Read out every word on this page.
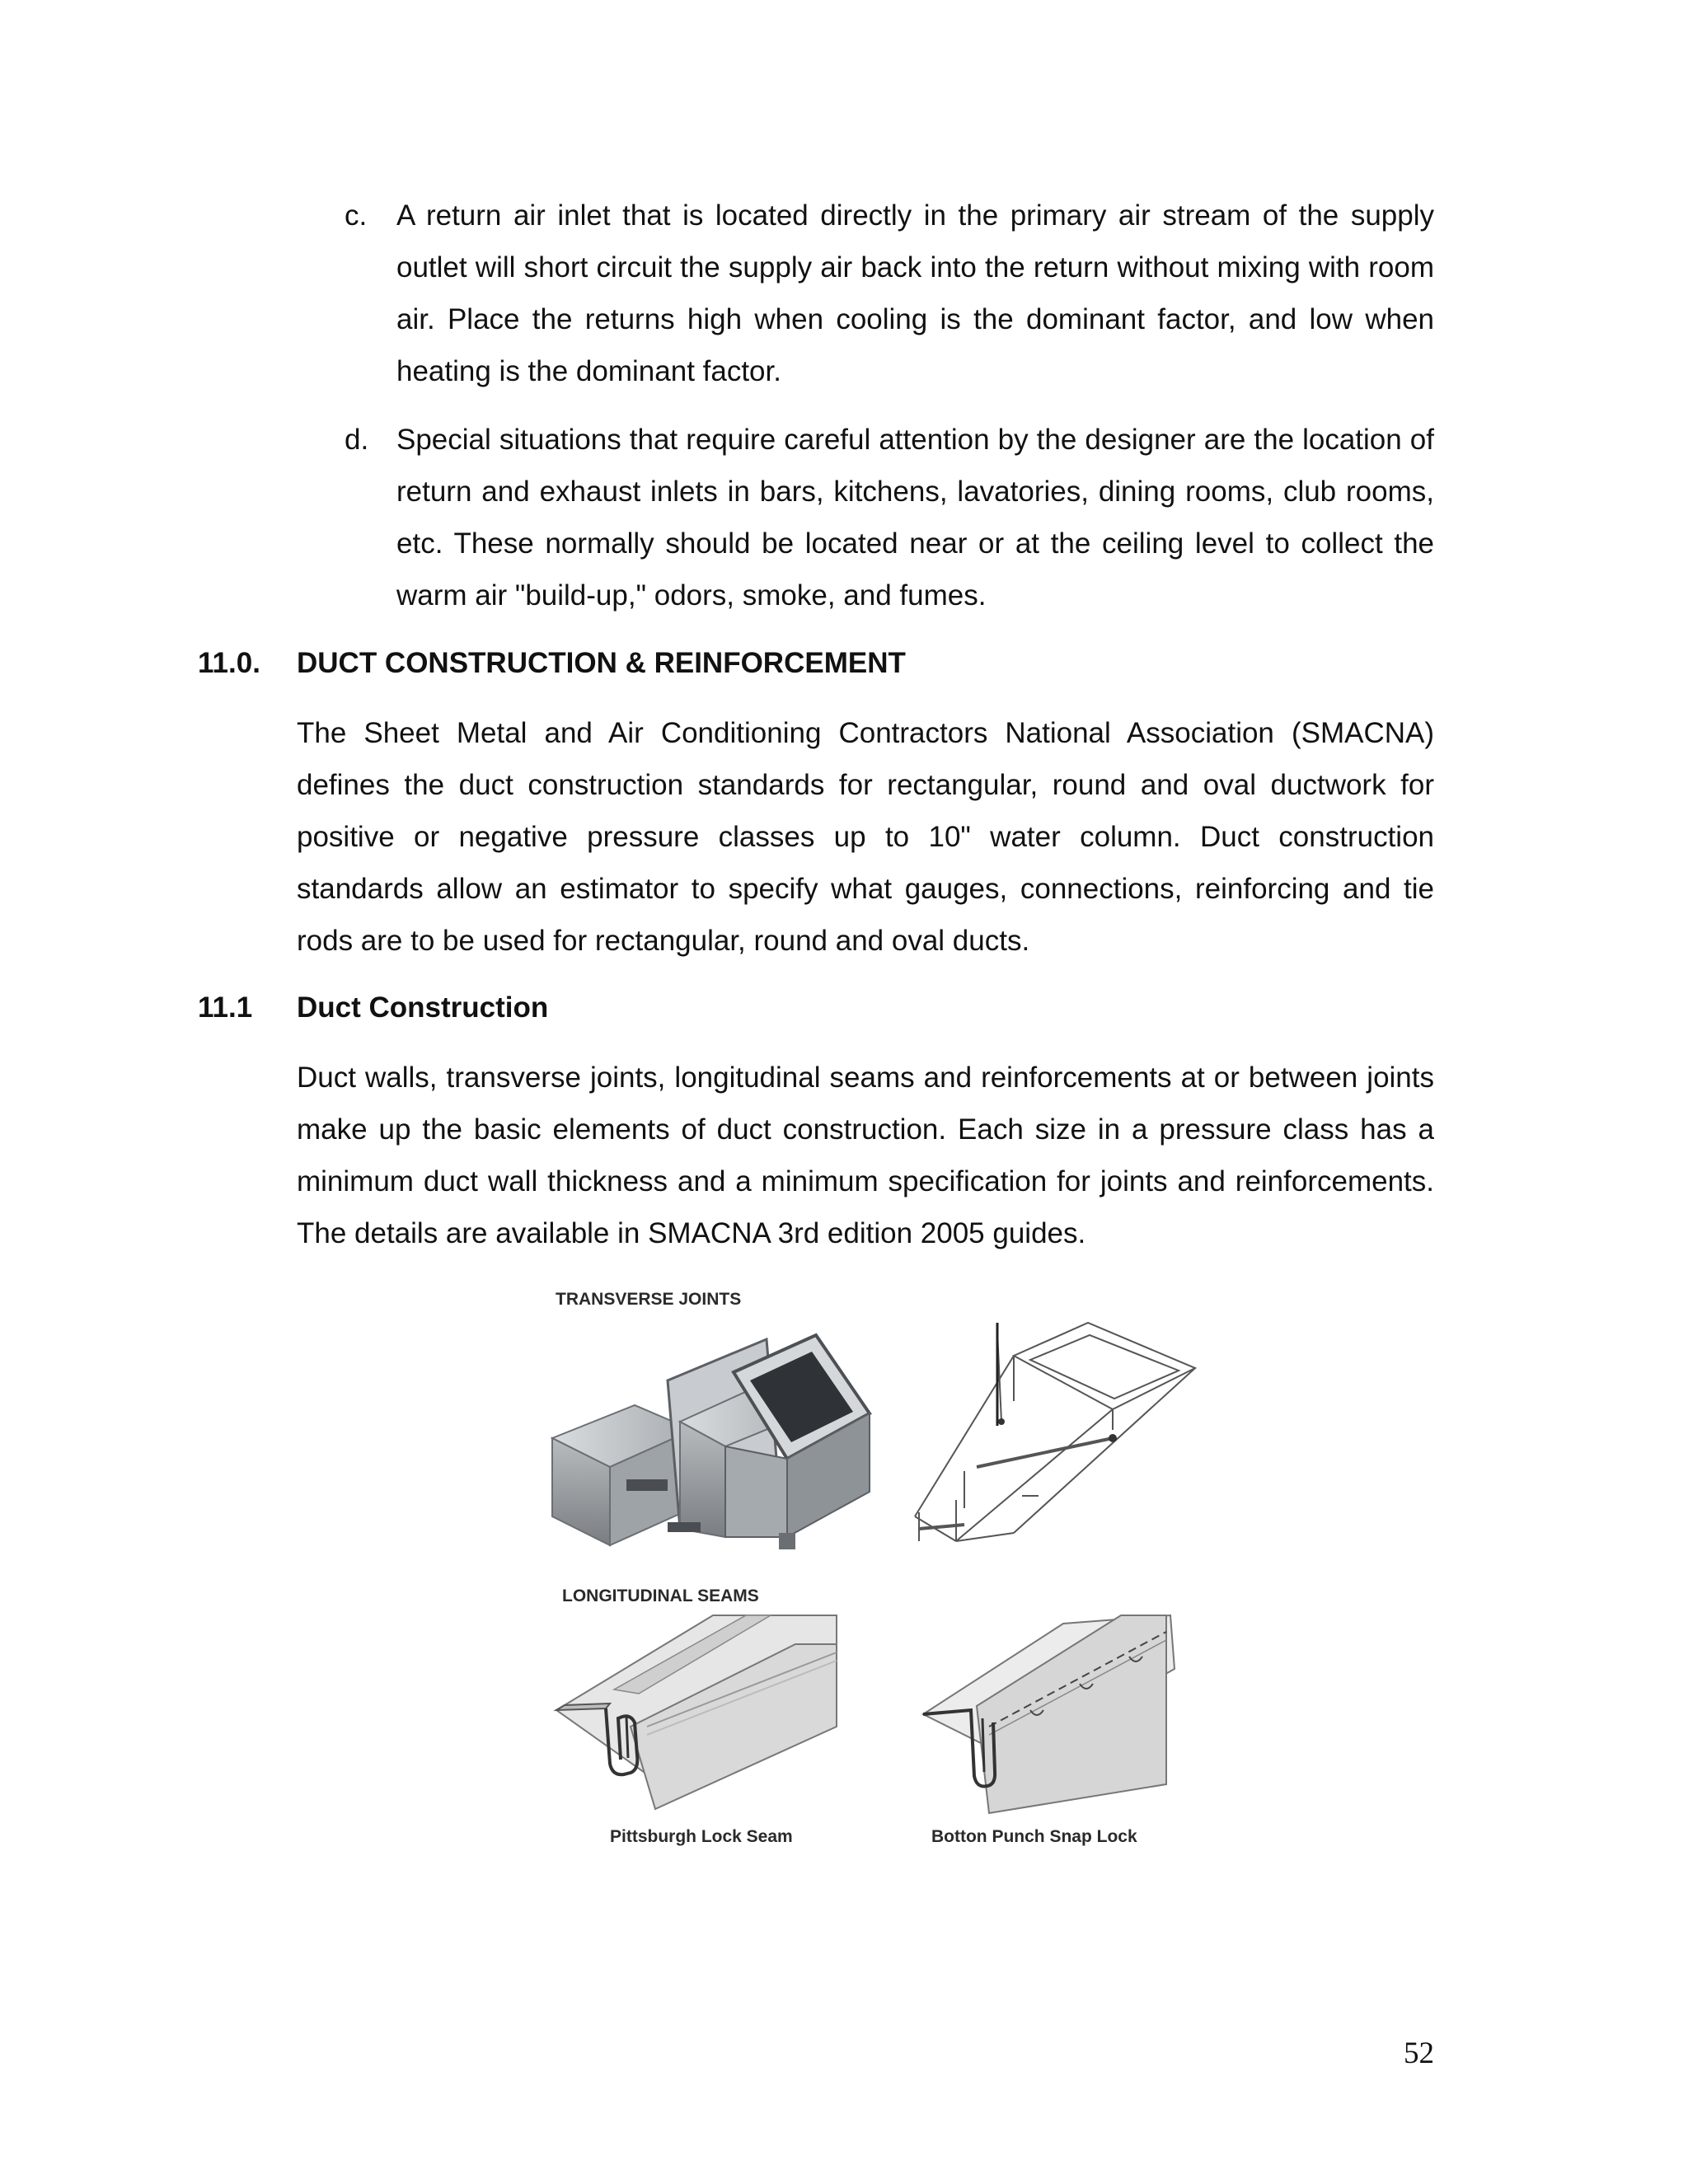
c. A return air inlet that is located directly in the primary air stream of the supply outlet will short circuit the supply air back into the return without mixing with room air. Place the returns high when cooling is the dominant factor, and low when heating is the dominant factor.
d. Special situations that require careful attention by the designer are the location of return and exhaust inlets in bars, kitchens, lavatories, dining rooms, club rooms, etc. These normally should be located near or at the ceiling level to collect the warm air "build-up," odors, smoke, and fumes.
11.0. DUCT CONSTRUCTION & REINFORCEMENT
The Sheet Metal and Air Conditioning Contractors National Association (SMACNA) defines the duct construction standards for rectangular, round and oval ductwork for positive or negative pressure classes up to 10" water column. Duct construction standards allow an estimator to specify what gauges, connections, reinforcing and tie rods are to be used for rectangular, round and oval ducts.
11.1 Duct Construction
Duct walls, transverse joints, longitudinal seams and reinforcements at or between joints make up the basic elements of duct construction. Each size in a pressure class has a minimum duct wall thickness and a minimum specification for joints and reinforcements. The details are available in SMACNA 3rd edition 2005 guides.
TRANSVERSE JOINTS
LONGITUDINAL SEAMS
Pittsburgh Lock Seam	Botton Punch Snap Lock
52
